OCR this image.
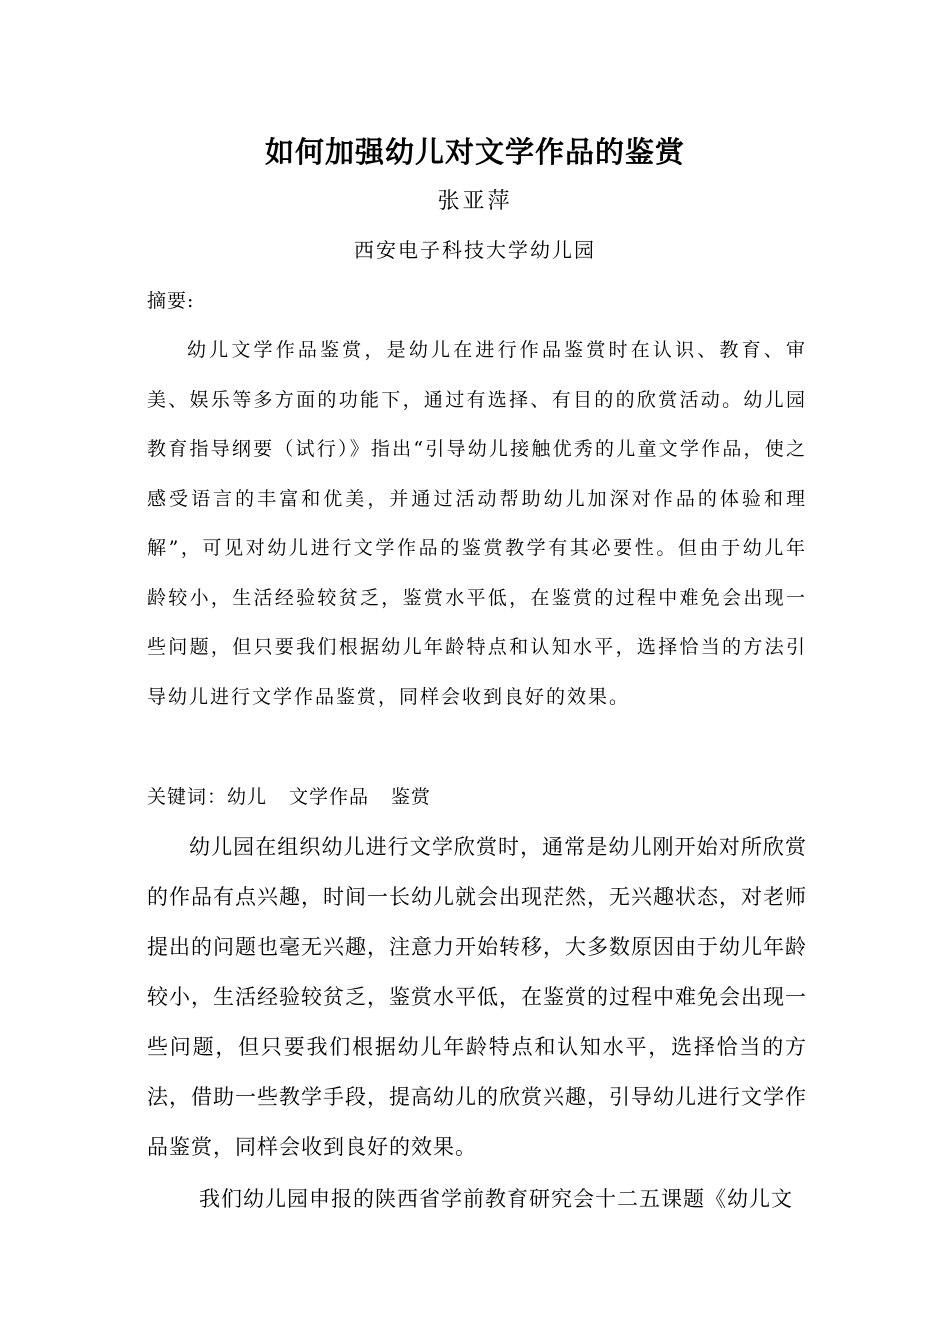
如何加强幼儿对文学作品的鉴赏
张亚萍
西安电子科技大学幼儿园
摘要:

幼儿文学作品鉴赏，是幼儿在进行作品鉴赏时在认识、教育、审美、娱乐等多方面的功能下，通过有选择、有目的的欣赏活动。幼儿园教育指导纲要（试行）》指出“引导幼儿接触优秀的儿童文学作品，使之感受语言的丰富和优美，并通过活动帮助幼儿加深对作品的体验和理解”，可见对幼儿进行文学作品的鉴赏教学有其必要性。但由于幼儿年龄较小，生活经验较贫乏，鉴赏水平低，在鉴赏的过程中难免会出现一些问题，但只要我们根据幼儿年龄特点和认知水平，选择恰当的方法引导幼儿进行文学作品鉴赏，同样会收到良好的效果。

关键词：幼儿 文学作品 鉴赏

幼儿园在组织幼儿进行文学欣赏时，通常是幼儿刚开始对所欣赏的作品有点兴趣，时间一长幼儿就会出现茫然，无兴趣状态，对老师提出的问题也毫无兴趣，注意力开始转移，大多数原因由于幼儿年龄较小，生活经验较贫乏，鉴赏水平低，在鉴赏的过程中难免会出现一些问题，但只要我们根据幼儿年龄特点和认知水平，选择恰当的方法，借助一些教学手段，提高幼儿的欣赏兴趣，引导幼儿进行文学作品鉴赏，同样会收到良好的效果。

我们幼儿园申报的陕西省学前教育研究会十二五课题《幼儿文
